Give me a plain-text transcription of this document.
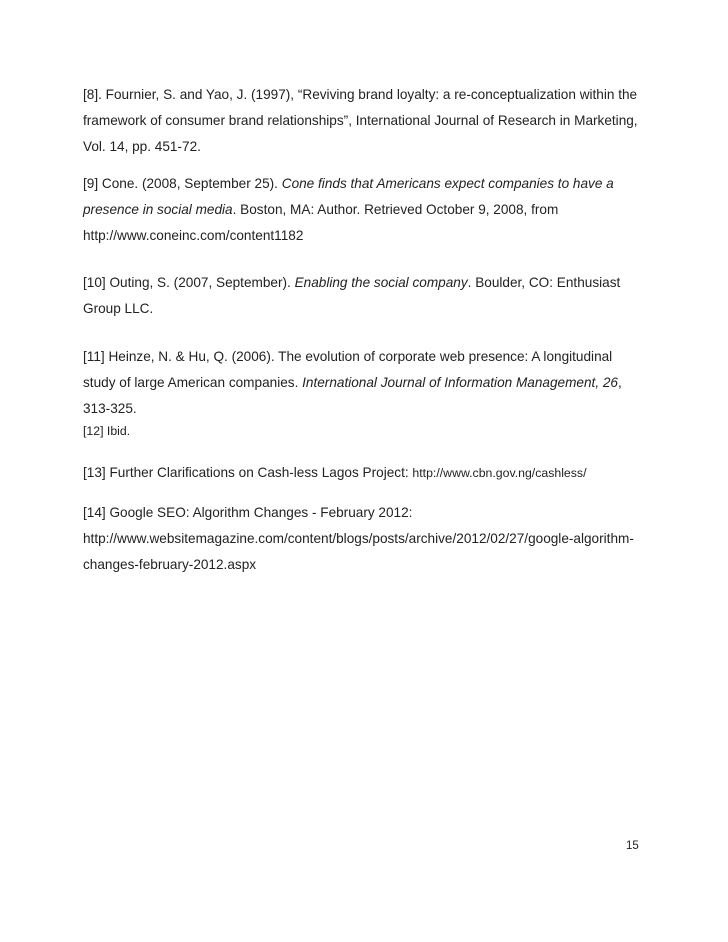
[8]. Fournier, S. and Yao, J. (1997), “Reviving brand loyalty: a re-conceptualization within the framework of consumer brand relationships”, International Journal of Research in Marketing, Vol. 14, pp. 451-72.

[9] Cone. (2008, September 25). Cone finds that Americans expect companies to have a presence in social media. Boston, MA: Author. Retrieved October 9, 2008, from http://www.coneinc.com/content1182

[10] Outing, S. (2007, September). Enabling the social company. Boulder, CO: Enthusiast Group LLC.

[11] Heinze, N. & Hu, Q. (2006). The evolution of corporate web presence: A longitudinal study of large American companies. International Journal of Information Management, 26, 313-325.

[12] Ibid.

[13] Further Clarifications on Cash-less Lagos Project: http://www.cbn.gov.ng/cashless/

[14] Google SEO: Algorithm Changes - February 2012: http://www.websitemagazine.com/content/blogs/posts/archive/2012/02/27/google-algorithm-changes-february-2012.aspx

15
